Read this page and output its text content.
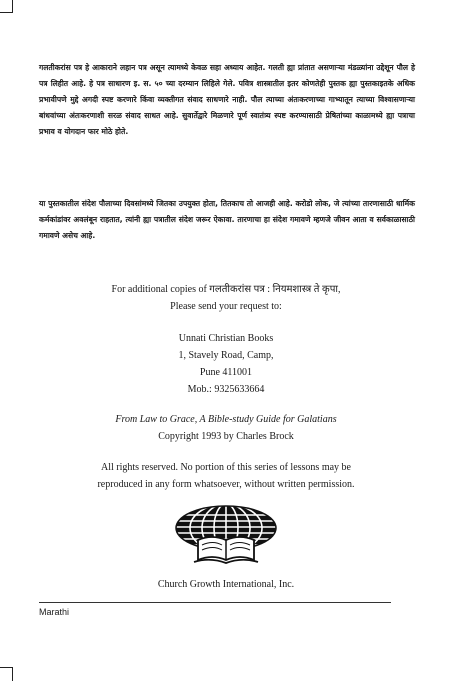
गलतीकरांस पत्र हे आकाराने लहान पत्र असून त्यामध्ये केवळ सहा अध्याय आहेत. गलती ह्या प्रांतात असणाऱ्या मंडळ्यांना उद्देशून पौल हे पत्र लिहीत आहे. हे पत्र साधारण इ. स. ५० च्या दरम्यान लिहिले गेले. पवित्र शास्त्रातील इतर कोणतेही पुस्तक ह्या पुस्तकाइतके अधिक प्रभावीपणे मुद्दे अगदी स्पष्ट करणारे किंवा व्यक्तीगत संवाद साधणारे नाही. पौल त्याच्या अंतःकरणाच्या गाभ्यातून त्याच्या विश्वासणाऱ्या बांधवांच्या अंतःकरणाशी सरळ संवाद साधत आहे. सुवार्तेद्वारे मिळणारे पूर्ण स्वातंत्र्य स्पष्ट करण्यासाठी प्रेषितांच्या काळामध्ये ह्या पत्राचा प्रभाव व योगदान फार मोठे होते.

या पुस्तकातील संदेश पौलाच्या दिवसांमध्ये जितका उपयुक्त होता, तितकाच तो आजही आहे. करोडो लोक, जे त्यांच्या तारणासाठी धार्मिक कर्मकांडांवर अवलंबून राहतात, त्यांनी ह्या पत्रातील संदेश जरूर ऐकावा. तारणाचा हा संदेश गमावणे म्हणजे जीवन आता व सर्वकाळासाठी गमावणे असेच आहे.

For additional copies of गलतीकरांस पत्र : नियमशास्त्र ते कृपा,
Please send your request to:

Unnati Christian Books
1, Stavely Road, Camp,
Pune 411001
Mob.: 9325633664

From Law to Grace, A Bible-study Guide for Galatians
Copyright 1993 by Charles Brock

All rights reserved. No portion of this series of lessons may be
reproduced in any form whatsoever, without written permission.

Church Growth International, Inc.

Marathi
